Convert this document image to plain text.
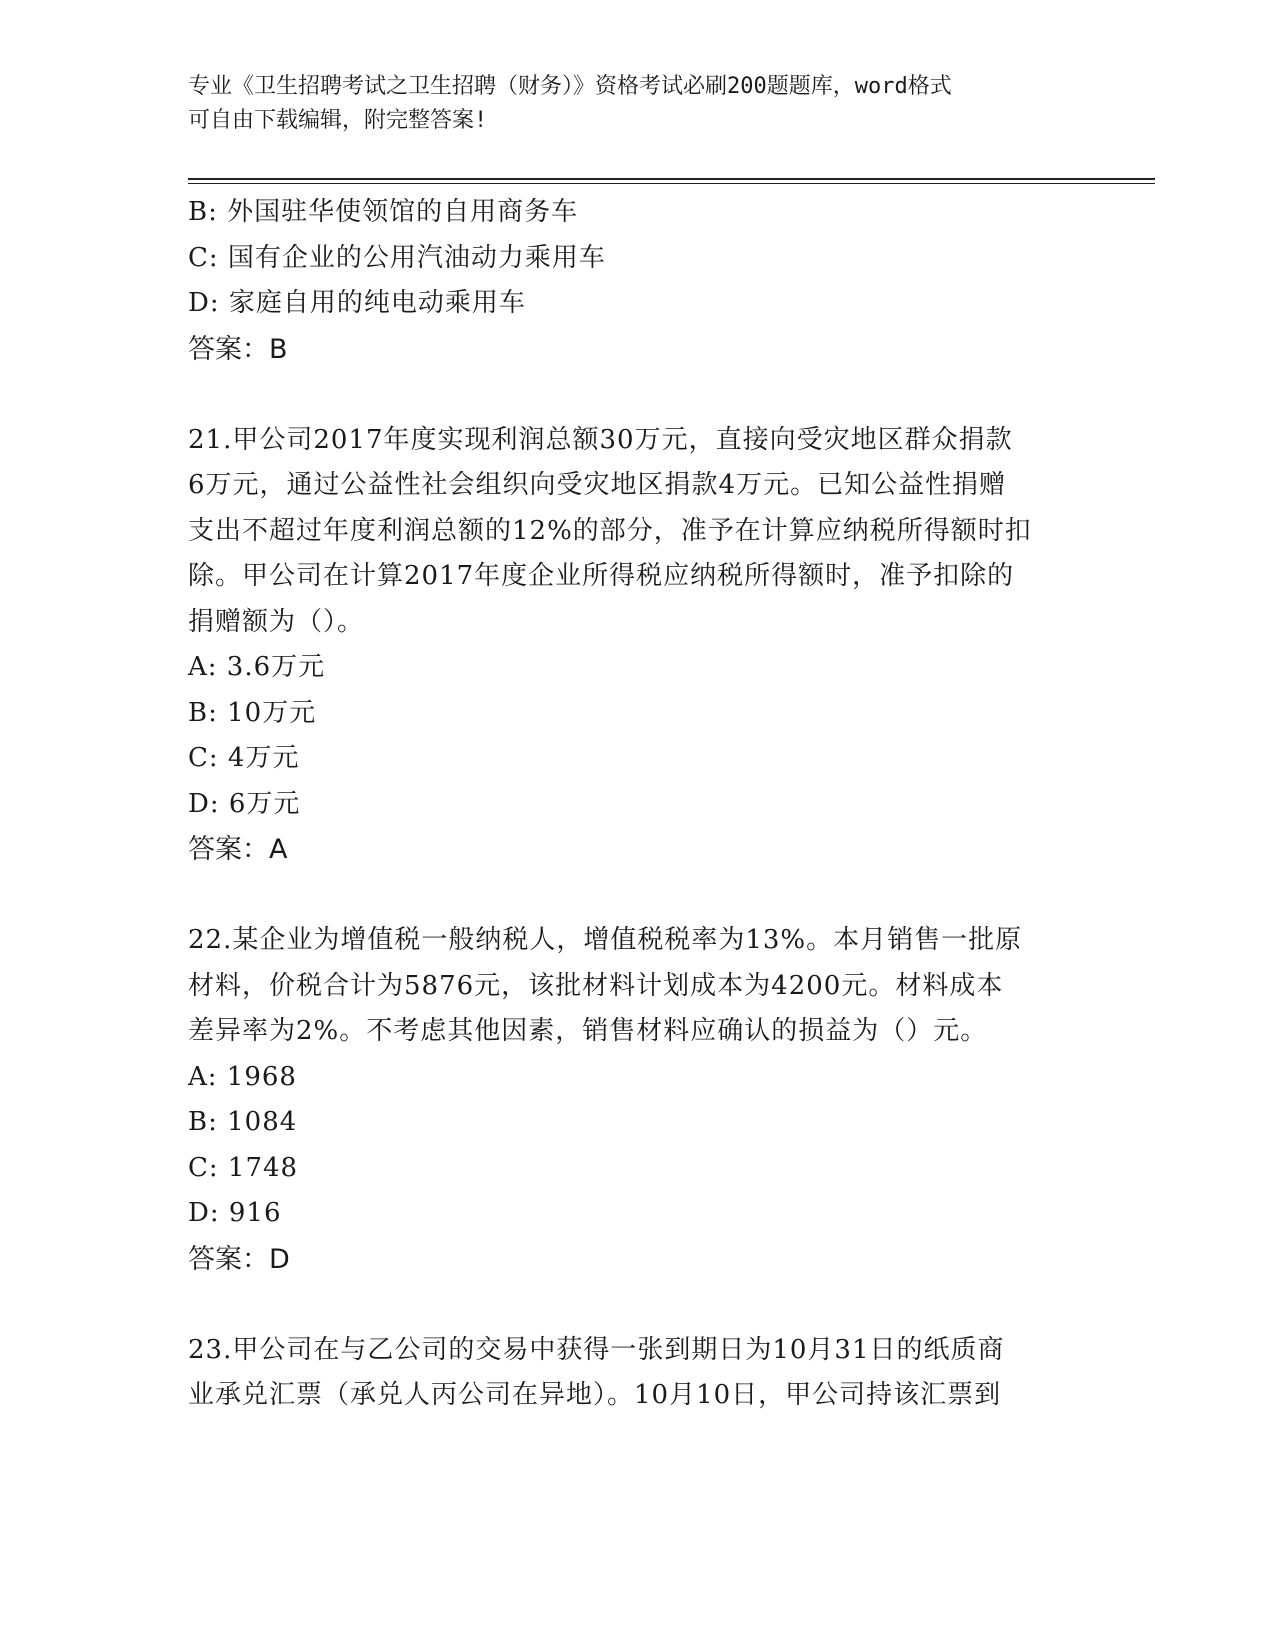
专业《卫生招聘考试之卫生招聘（财务）》资格考试必刷200题题库，word格式
可自由下载编辑，附完整答案!
B: 外国驻华使领馆的自用商务车
C: 国有企业的公用汽油动力乘用车
D: 家庭自用的纯电动乘用车
答案：B
21.甲公司2017年度实现利润总额30万元，直接向受灾地区群众捐款
6万元，通过公益性社会组织向受灾地区捐款4万元。已知公益性捐赠
支出不超过年度利润总额的12%的部分，准予在计算应纳税所得额时扣
除。甲公司在计算2017年度企业所得税应纳税所得额时，准予扣除的
捐赠额为（）。
A: 3.6万元
B: 10万元
C: 4万元
D: 6万元
答案：A
22.某企业为增值税一般纳税人，增值税税率为13%。本月销售一批原
材料，价税合计为5876元，该批材料计划成本为4200元。材料成本
差异率为2%。不考虑其他因素，销售材料应确认的损益为（）元。
A: 1968
B: 1084
C: 1748
D: 916
答案：D
23.甲公司在与乙公司的交易中获得一张到期日为10月31日的纸质商
业承兑汇票（承兑人丙公司在异地）。10月10日，甲公司持该汇票到
